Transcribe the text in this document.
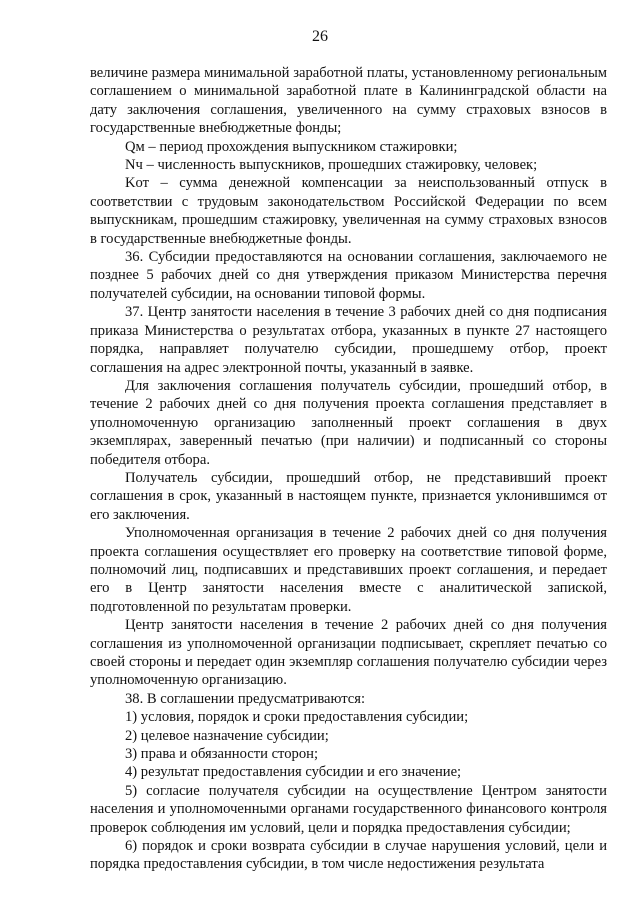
26

величине размера минимальной заработной платы, установленному региональным соглашением о минимальной заработной плате в Калининградской области на дату заключения соглашения, увеличенного на сумму страховых взносов в государственные внебюджетные фонды;

Qм – период прохождения выпускником стажировки;

Nч – численность выпускников, прошедших стажировку, человек;

Kот – сумма денежной компенсации за неиспользованный отпуск в соответствии с трудовым законодательством Российской Федерации по всем выпускникам, прошедшим стажировку, увеличенная на сумму страховых взносов в государственные внебюджетные фонды.

36. Субсидии предоставляются на основании соглашения, заключаемого не позднее 5 рабочих дней со дня утверждения приказом Министерства перечня получателей субсидии, на основании типовой формы.

37. Центр занятости населения в течение 3 рабочих дней со дня подписания приказа Министерства о результатах отбора, указанных в пункте 27 настоящего порядка, направляет получателю субсидии, прошедшему отбор, проект соглашения на адрес электронной почты, указанный в заявке.

Для заключения соглашения получатель субсидии, прошедший отбор, в течение 2 рабочих дней со дня получения проекта соглашения представляет в уполномоченную организацию заполненный проект соглашения в двух экземплярах, заверенный печатью (при наличии) и подписанный со стороны победителя отбора.

Получатель субсидии, прошедший отбор, не представивший проект соглашения в срок, указанный в настоящем пункте, признается уклонившимся от его заключения.

Уполномоченная организация в течение 2 рабочих дней со дня получения проекта соглашения осуществляет его проверку на соответствие типовой форме, полномочий лиц, подписавших и представивших проект соглашения, и передает его в Центр занятости населения вместе с аналитической запиской, подготовленной по результатам проверки.

Центр занятости населения в течение 2 рабочих дней со дня получения соглашения из уполномоченной организации подписывает, скрепляет печатью со своей стороны и передает один экземпляр соглашения получателю субсидии через уполномоченную организацию.

38. В соглашении предусматриваются:

1) условия, порядок и сроки предоставления субсидии;

2) целевое назначение субсидии;

3) права и обязанности сторон;

4) результат предоставления субсидии и его значение;

5) согласие получателя субсидии на осуществление Центром занятости населения и уполномоченными органами государственного финансового контроля проверок соблюдения им условий, цели и порядка предоставления субсидии;

6) порядок и сроки возврата субсидии в случае нарушения условий, цели и порядка предоставления субсидии, в том числе недостижения результата
